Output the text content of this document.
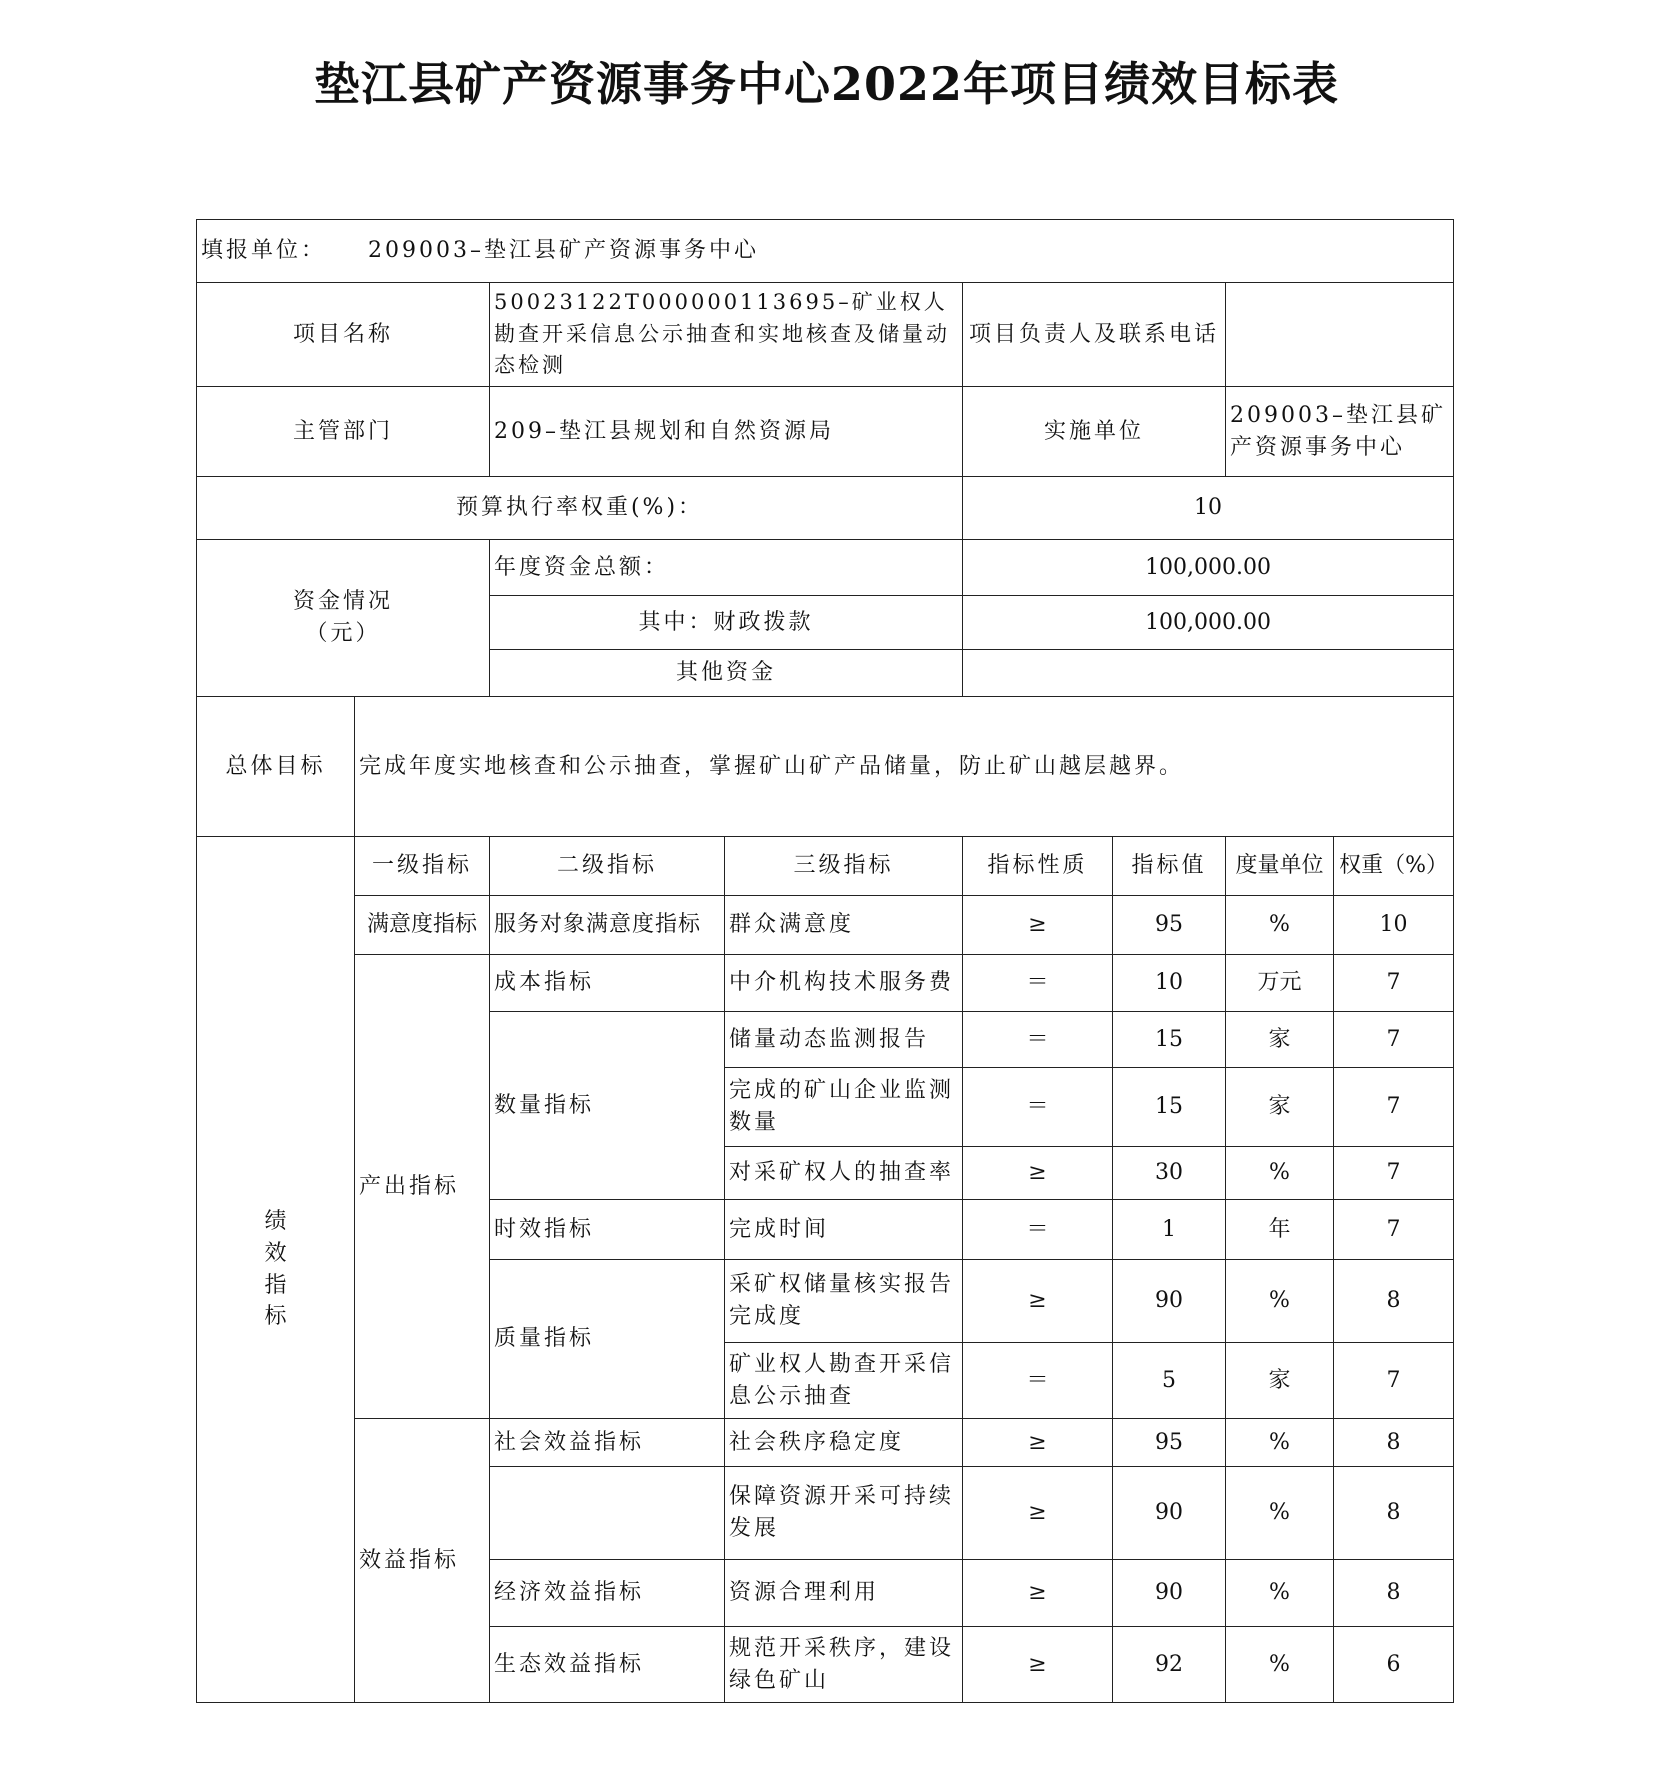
垫江县矿产资源事务中心2022年项目绩效目标表
填报单位： 209003–垫江县矿产资源事务中心							
项目名称		50023122T000000113695–矿业权人勘查开采信息公示抽查和实地核查及储量动态检测		项目负责人及联系电话			
主管部门		209–垫江县规划和自然资源局		实施单位		209003–垫江县矿产资源事务中心	
预算执行率权重(%)：				10			

资金情况
（元）		年度资金总额：		100,000.00			
		其中：财政拨款		100,000.00			
		其他资金					
总体目标	完成年度实地核查和公示抽查，掌握矿山矿产品储量，防止矿山越层越界。						

绩
效
指
标	一级指标	二级指标	三级指标	指标性质	指标值	度量单位	权重（%）
	满意度指标	服务对象满意度指标	群众满意度	≥	95	%	10
	产出指标	成本指标	中介机构技术服务费	＝	10	万元	7
		数量指标	储量动态监测报告	＝	15	家	7
			完成的矿山企业监测数量	＝	15	家	7
			对采矿权人的抽查率	≥	30	%	7
		时效指标	完成时间	＝	1	年	7
		质量指标	采矿权储量核实报告完成度	≥	90	%	8
			矿业权人勘查开采信息公示抽查	＝	5	家	7
	效益指标	社会效益指标	社会秩序稳定度	≥	95	%	8
			保障资源开采可持续发展	≥	90	%	8
		经济效益指标	资源合理利用	≥	90	%	8
		生态效益指标	规范开采秩序，建设绿色矿山	≥	92	%	6
